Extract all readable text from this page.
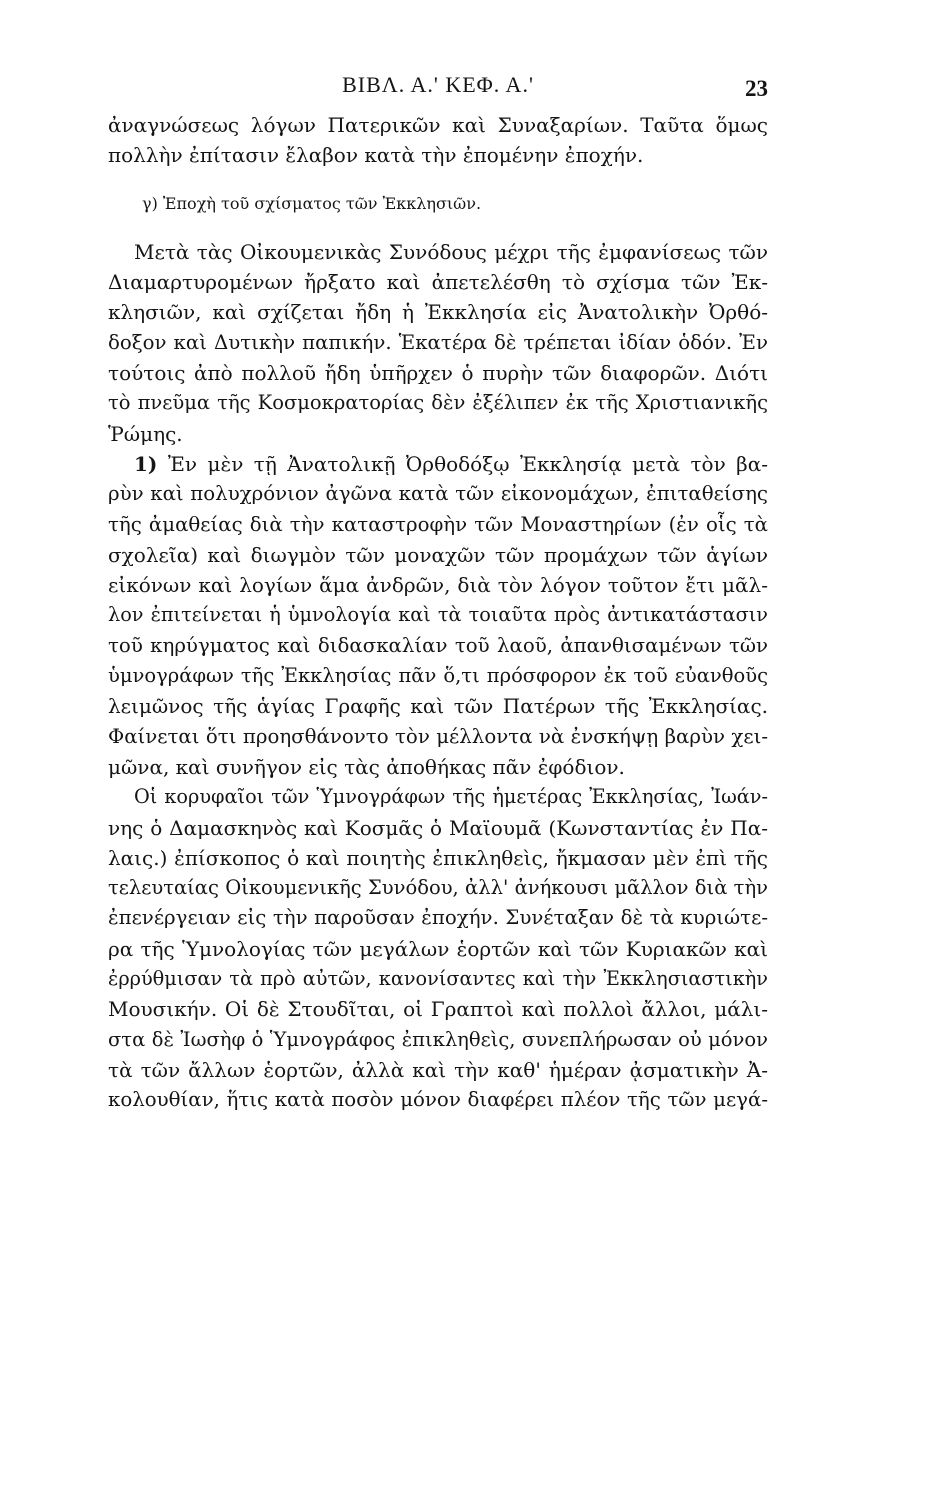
ΒΙΒΛ. Α.' ΚΕΦ. Α.'	23
ἀναγνώσεως λόγων Πατερικῶν καὶ Συναξαρίων. Ταῦτα ὅμως
πολλὴν ἐπίτασιν ἔλαβον κατὰ τὴν ἐπομένην ἐποχήν.
γ) Ἐποχὴ τοῦ σχίσματος τῶν Ἐκκλησιῶν.
Μετὰ τὰς Οἰκουμενικὰς Συνόδους μέχρι τῆς ἐμφανίσεως τῶν
Διαμαρτυρομένων ἤρξατο καὶ ἀπετελέσθη τὸ σχίσμα τῶν Ἐκ-
κλησιῶν, καὶ σχίζεται ἤδη ἡ Ἐκκλησία εἰς Ἀνατολικὴν Ὀρθό-
δοξον καὶ Δυτικὴν παπικήν. Ἑκατέρα δὲ τρέπεται ἰδίαν ὁδόν. Ἐν
τούτοις ἀπὸ πολλοῦ ἤδη ὑπῆρχεν ὁ πυρὴν τῶν διαφορῶν. Διότι
τὸ πνεῦμα τῆς Κοσμοκρατορίας δὲν ἐξέλιπεν ἐκ τῆς Χριστιανικῆς
Ῥώμης.
1) Ἐν μὲν τῇ Ἀνατολικῇ Ὀρθοδόξῳ Ἐκκλησίᾳ μετὰ τὸν βα-
ρὺν καὶ πολυχρόνιον ἀγῶνα κατὰ τῶν εἰκονομάχων, ἐπιταθείσης
τῆς ἀμαθείας διὰ τὴν καταστροφὴν τῶν Μοναστηρίων (ἐν οἷς τὰ
σχολεῖα) καὶ διωγμὸν τῶν μοναχῶν τῶν προμάχων τῶν ἁγίων
εἰκόνων καὶ λογίων ἅμα ἀνδρῶν, διὰ τὸν λόγον τοῦτον ἔτι μᾶλ-
λον ἐπιτείνεται ἡ ὑμνολογία καὶ τὰ τοιαῦτα πρὸς ἀντικατάστασιν
τοῦ κηρύγματος καὶ διδασκαλίαν τοῦ λαοῦ, ἀπανθισαμένων τῶν
ὑμνογράφων τῆς Ἐκκλησίας πᾶν ὅ,τι πρόσφορον ἐκ τοῦ εὐανθοῦς
λειμῶνος τῆς ἁγίας Γραφῆς καὶ τῶν Πατέρων τῆς Ἐκκλησίας.
Φαίνεται ὅτι προησθάνοντο τὸν μέλλοντα νὰ ἐνσκήψῃ βαρὺν χει-
μῶνα, καὶ συνῆγον εἰς τὰς ἀποθήκας πᾶν ἐφόδιον.
Οἱ κορυφαῖοι τῶν Ὑμνογράφων τῆς ἡμετέρας Ἐκκλησίας, Ἰωάν-
νης ὁ Δαμασκηνὸς καὶ Κοσμᾶς ὁ Μαϊουμᾶ (Κωνσταντίας ἐν Πα-
λαις.) ἐπίσκοπος ὁ καὶ ποιητὴς ἐπικληθεὶς, ἤκμασαν μὲν ἐπὶ τῆς
τελευταίας Οἰκουμενικῆς Συνόδου, ἀλλ' ἀνήκουσι μᾶλλον διὰ τὴν
ἐπενέργειαν εἰς τὴν παροῦσαν ἐποχήν. Συνέταξαν δὲ τὰ κυριώτε-
ρα τῆς Ὑμνολογίας τῶν μεγάλων ἑορτῶν καὶ τῶν Κυριακῶν καὶ
ἐρρύθμισαν τὰ πρὸ αὐτῶν, κανονίσαντες καὶ τὴν Ἐκκλησιαστικὴν
Μουσικήν. Οἱ δὲ Στουδῖται, οἱ Γραπτοὶ καὶ πολλοὶ ἄλλοι, μάλι-
στα δὲ Ἰωσὴφ ὁ Ὑμνογράφος ἐπικληθεὶς, συνεπλήρωσαν οὐ μόνον
τὰ τῶν ἄλλων ἑορτῶν, ἀλλὰ καὶ τὴν καθ' ἡμέραν ᾀσματικὴν Ἀ-
κολουθίαν, ἥτις κατὰ ποσὸν μόνον διαφέρει πλέον τῆς τῶν μεγά-
